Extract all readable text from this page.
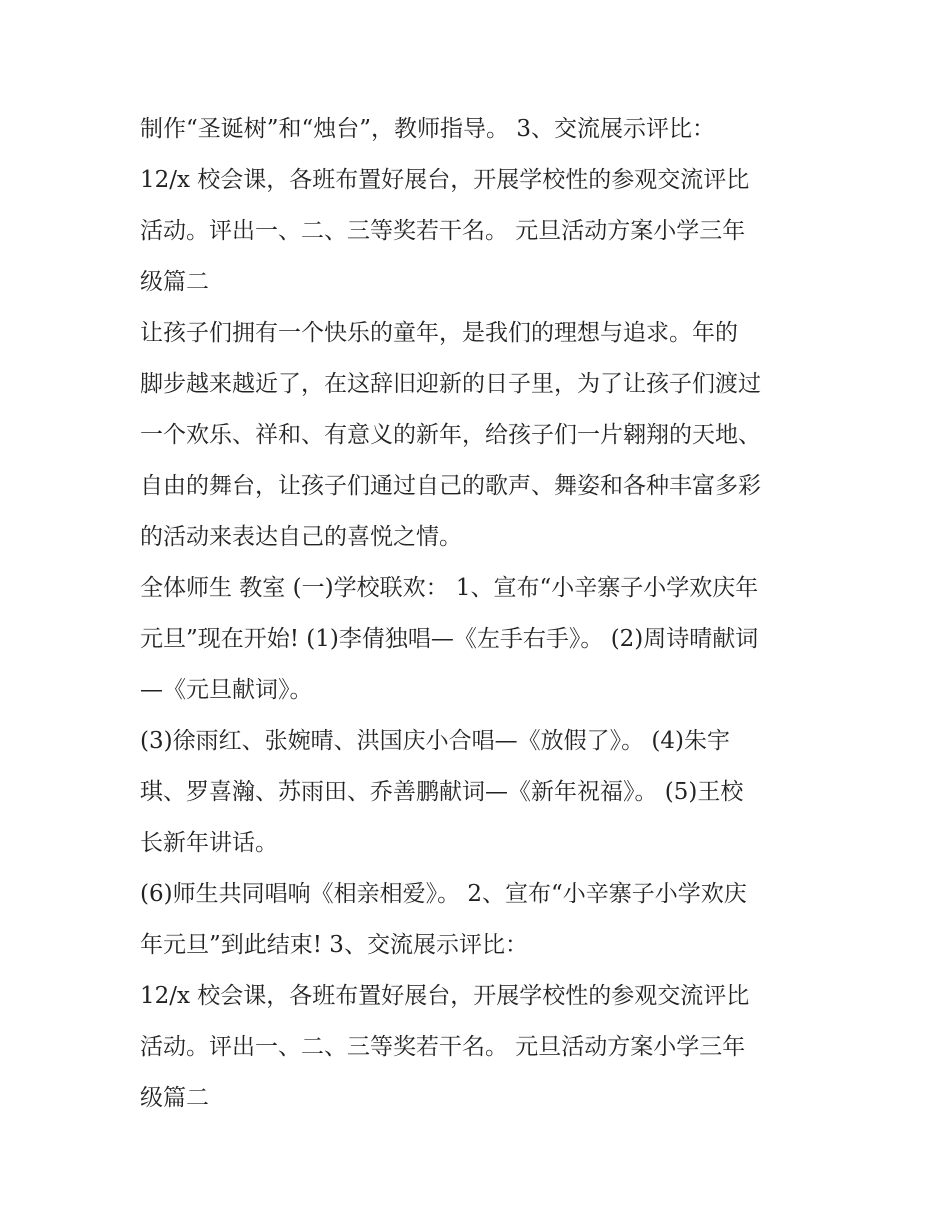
制作“圣诞树”和“烛台”，教师指导。 3、交流展示评比：
12/x 校会课，各班布置好展台，开展学校性的参观交流评比
活动。评出一、二、三等奖若干名。 元旦活动方案小学三年
级篇二
让孩子们拥有一个快乐的童年，是我们的理想与追求。年的
脚步越来越近了，在这辞旧迎新的日子里，为了让孩子们渡过
一个欢乐、祥和、有意义的新年，给孩子们一片翱翔的天地、
自由的舞台，让孩子们通过自己的歌声、舞姿和各种丰富多彩
的活动来表达自己的喜悦之情。
全体师生 教室 (一)学校联欢： 1、宣布“小辛寨子小学欢庆年
元旦”现在开始! (1)李倩独唱—《左手右手》。 (2)周诗晴献词
—《元旦献词》。
(3)徐雨红、张婉晴、洪国庆小合唱—《放假了》。 (4)朱宇
琪、罗喜瀚、苏雨田、乔善鹏献词—《新年祝福》。 (5)王校
长新年讲话。
(6)师生共同唱响《相亲相爱》。 2、宣布“小辛寨子小学欢庆
年元旦”到此结束! 3、交流展示评比：
12/x 校会课，各班布置好展台，开展学校性的参观交流评比
活动。评出一、二、三等奖若干名。 元旦活动方案小学三年
级篇二
